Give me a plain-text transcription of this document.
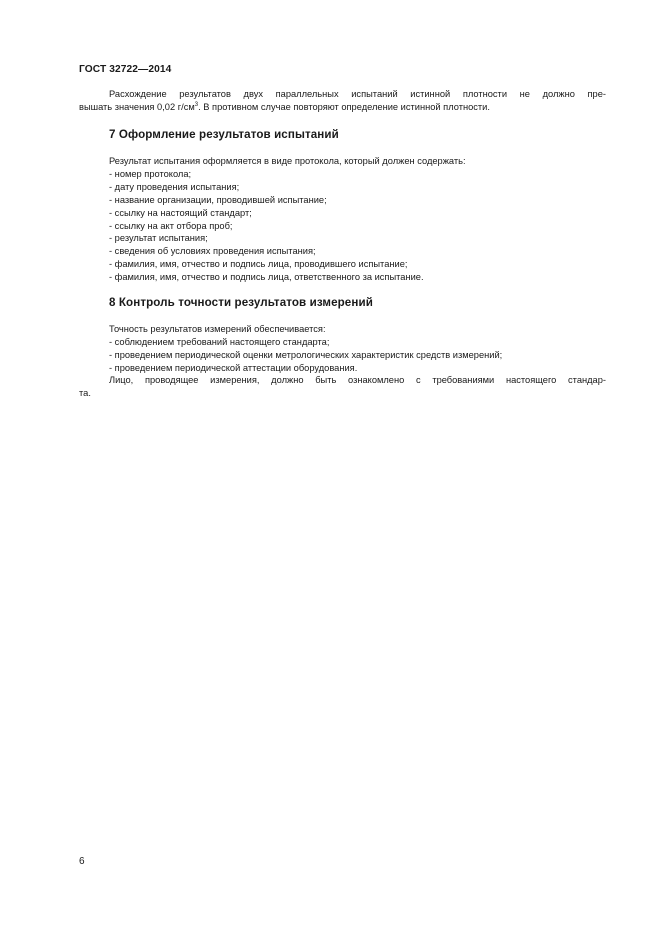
ГОСТ 32722—2014
Расхождение результатов двух параллельных испытаний истинной плотности не должно пре-
вышать значения 0,02 $г/см^3$. В противном случае повторяют определение истинной плотности.
7 Оформление результатов испытаний
Результат испытания оформляется в виде протокола, который должен содержать:
- номер протокола;
- дату проведения испытания;
- название организации, проводившей испытание;
- ссылку на настоящий стандарт;
- ссылку на акт отбора проб;
- результат испытания;
- сведения об условиях проведения испытания;
- фамилия, имя, отчество и подпись лица, проводившего испытание;
- фамилия, имя, отчество и подпись лица, ответственного за испытание.
8 Контроль точности результатов измерений
Точность результатов измерений обеспечивается:
- соблюдением требований настоящего стандарта;
- проведением периодической оценки метрологических характеристик средств измерений;
- проведением периодической аттестации оборудования.
Лицо, проводящее измерения, должно быть ознакомлено с требованиями настоящего стандар-
та.
6
